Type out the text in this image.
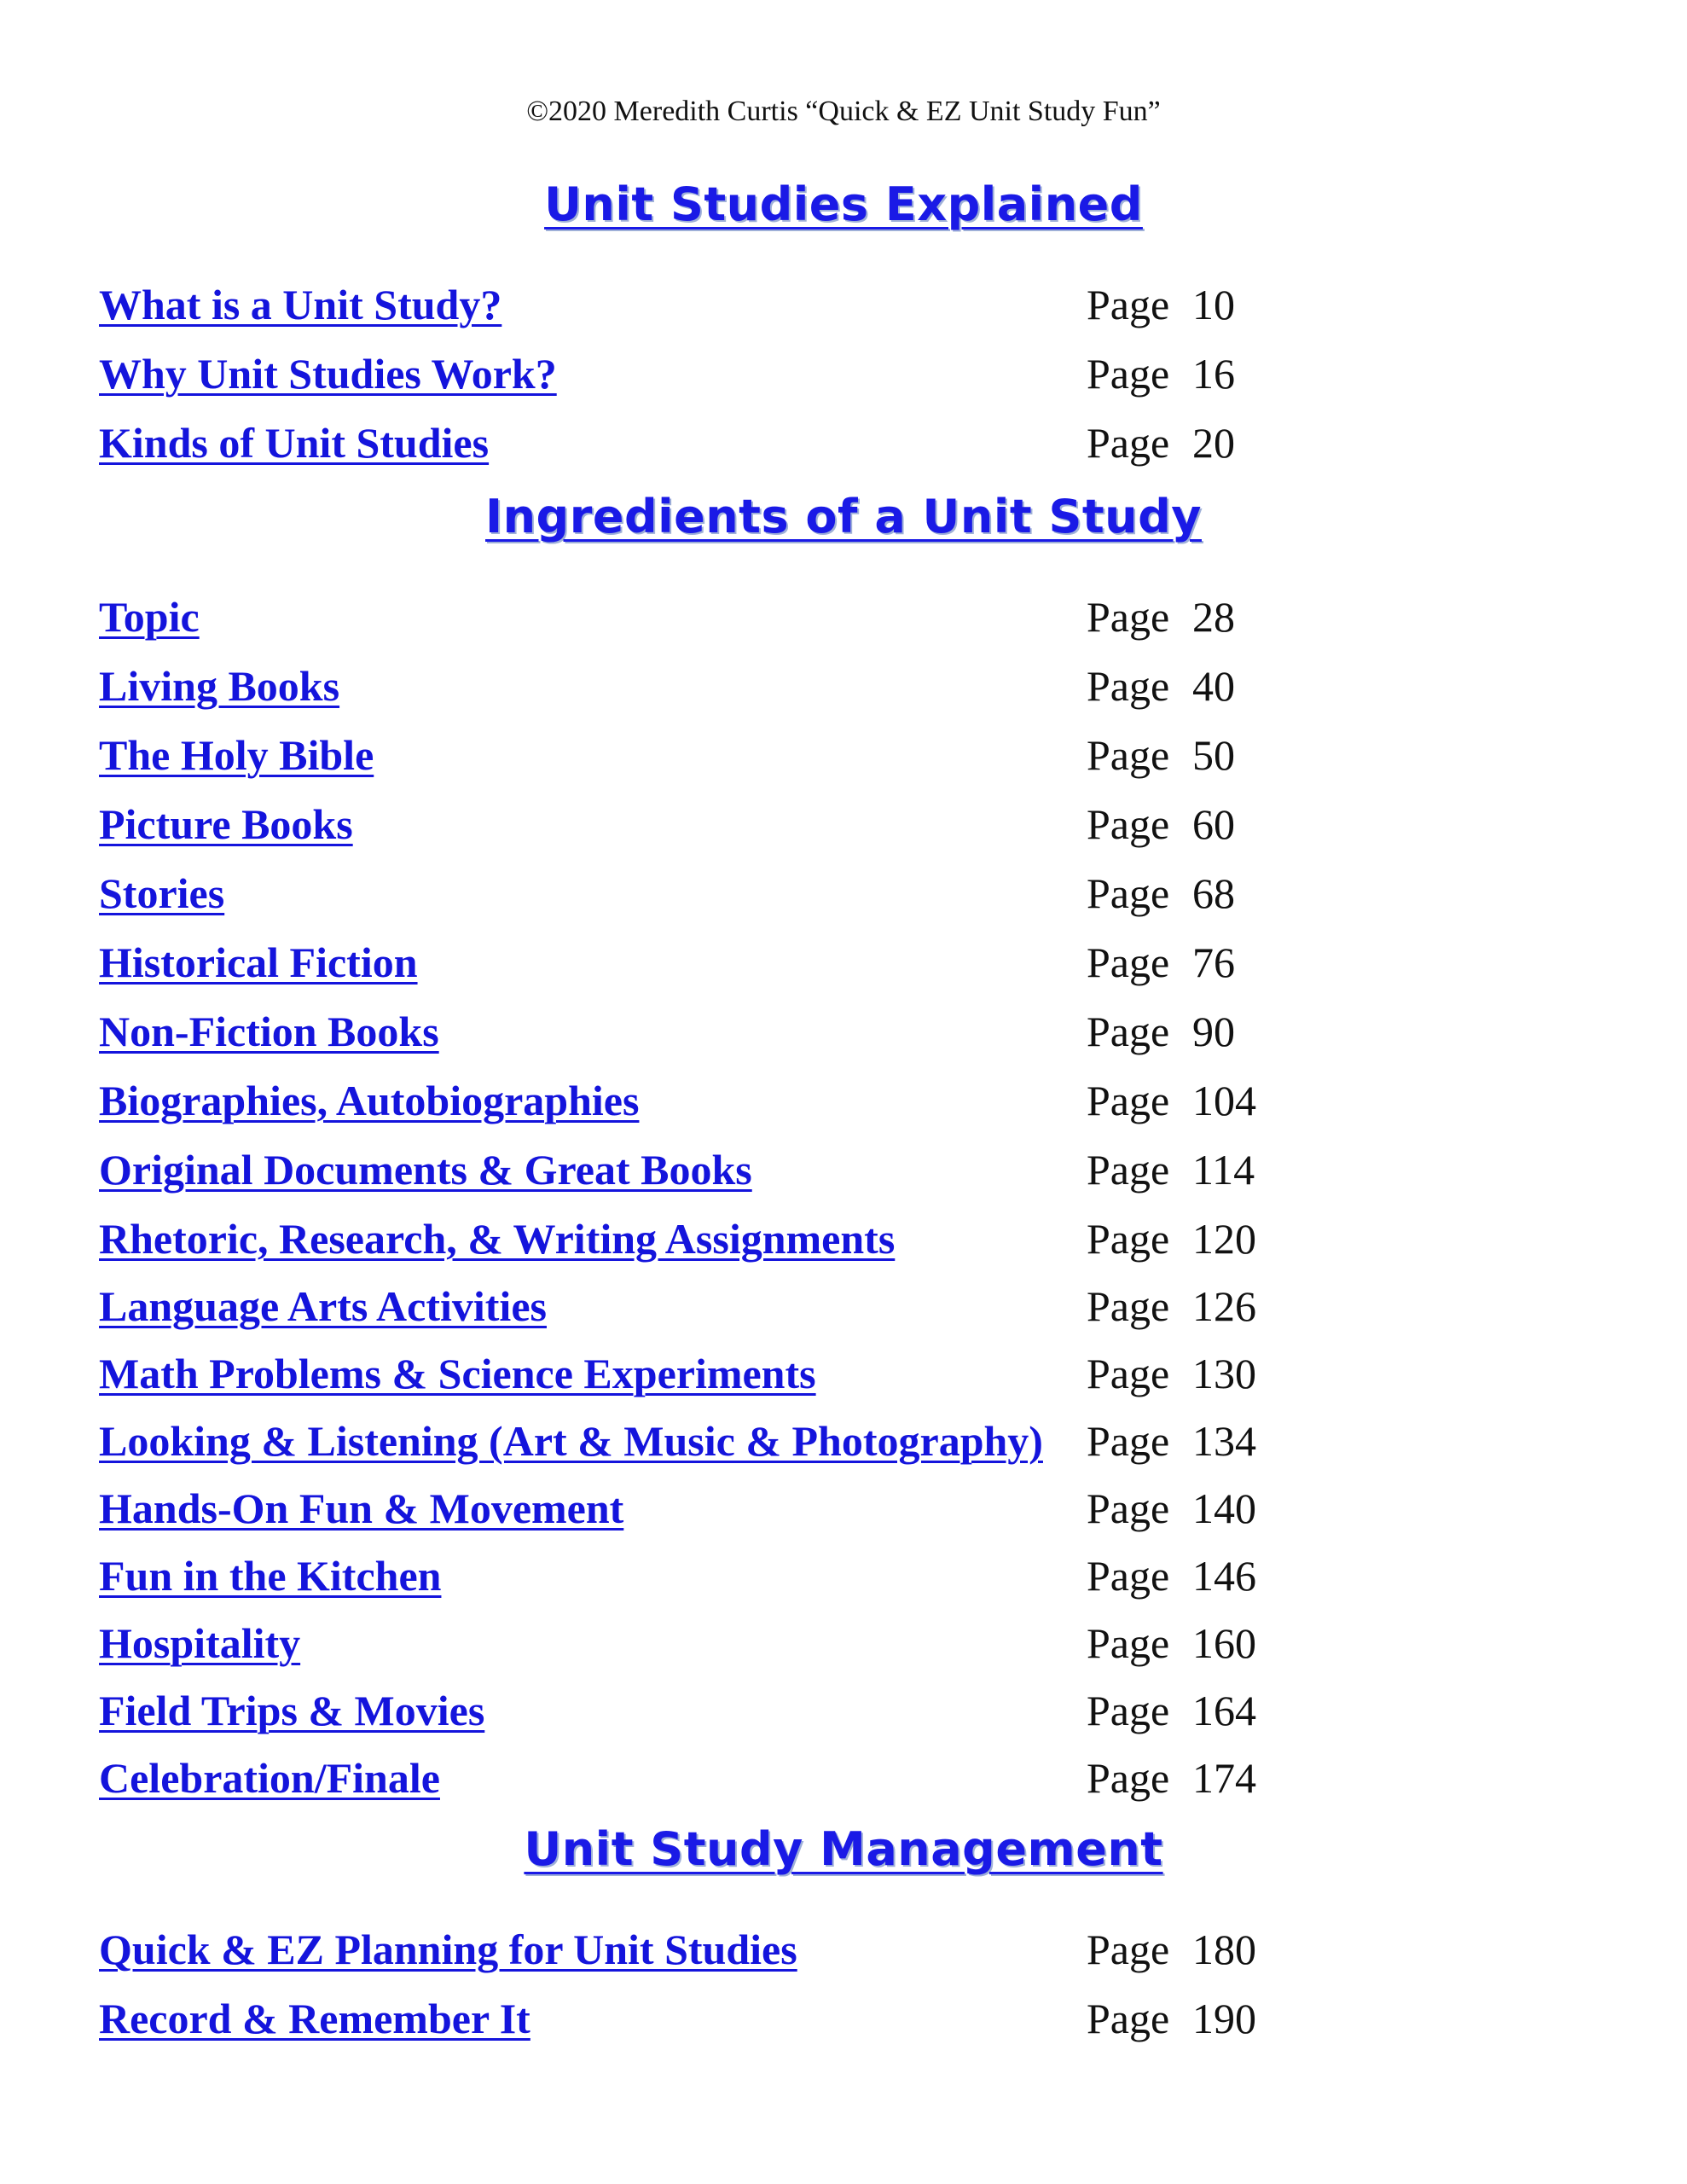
©2020 Meredith Curtis “Quick & EZ Unit Study Fun”
Unit Studies Explained
What is a Unit Study?	Page 10
Why Unit Studies Work?	Page 16
Kinds of Unit Studies	Page 20
Ingredients of a Unit Study
Topic	Page 28
Living Books	Page 40
The Holy Bible	Page 50
Picture Books	Page 60
Stories	Page 68
Historical Fiction	Page 76
Non-Fiction Books	Page 90
Biographies, Autobiographies	Page 104
Original Documents & Great Books	Page 114
Rhetoric, Research, & Writing Assignments	Page 120
Language Arts Activities	Page 126
Math Problems & Science Experiments	Page 130
Looking & Listening (Art & Music & Photography) Page 134
Hands-On Fun & Movement	Page 140
Fun in the Kitchen	Page 146
Hospitality	Page 160
Field Trips & Movies	Page 164
Celebration/Finale	Page 174
Unit Study Management
Quick & EZ Planning for Unit Studies	Page 180
Record & Remember It	Page 190
